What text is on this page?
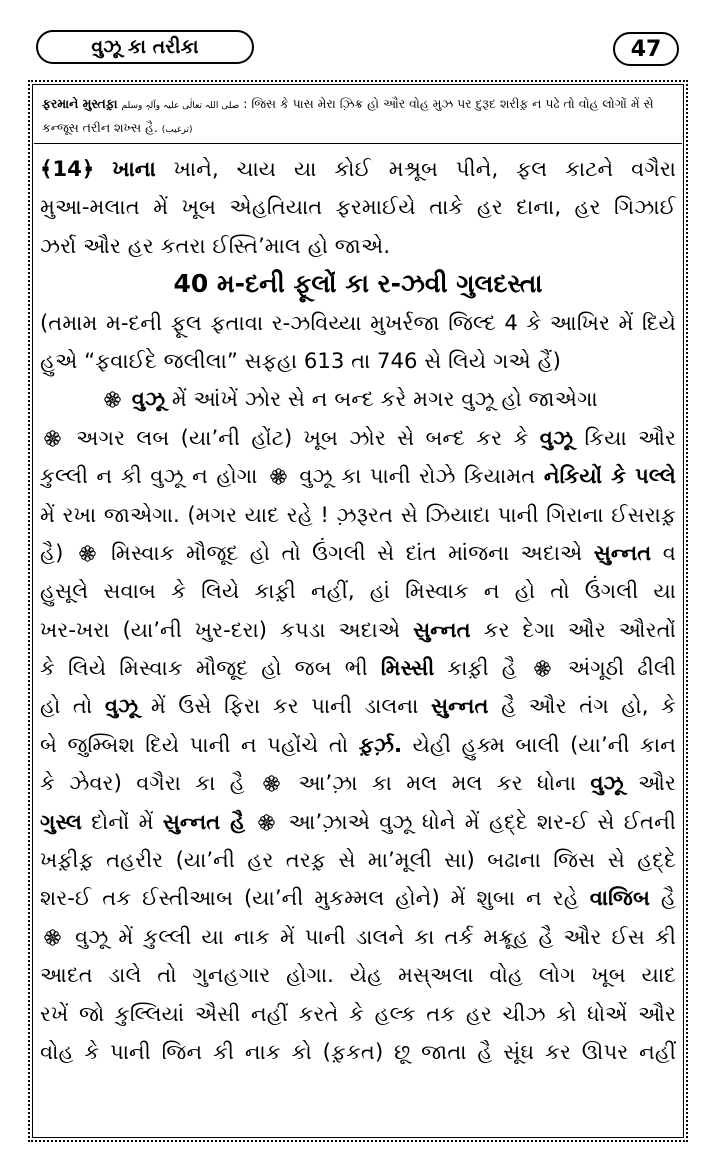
વુઝૂ કા તરીકા	47
ફરમાને મુસ્તફ઼ા صلی اللہ تعالٰی علیہ وآلہٖ وسلم : જિસ કે પાસ મેરા ઝ઼િક્ર હો ઔર વોહ મુઝ પર દુરૂદ શરીફ઼ ન પઢે તો વોહ લોગોં મેં સે કન્જૂસ તરીન શખ્સ હૈ. (ترغیب)
﴾14﴿ ખાના ખાને, ચાય યા કોઈ મશ્રૂબ પીને, ફલ કાટને વગૈરા
મુઆ-મલાત મેં ખૂબ એહતિયાત ફરમાઈયે તાકે હર દાના, હર ગિઝાઈ
ઝર્રા ઔર હર કતરા ઈસ્તિ’માલ હો જાએ.
40 મ-દની ફૂલોં કા ર-ઝવી ગુલદસ્તા
(તમામ મ-દની ફૂલ ફતાવા ર-ઝવિય્યા મુખર્રજા જિલ્દ 4 કે આખિર મેં દિયે
હુએ “ફવાઈદે જલીલા” સફહા 613 તા 746 સે લિયે ગએ હૈં)
વુઝૂ મેં આંખેં ઝોર સે ન બન્દ કરે મગર વુઝૂ હો જાએગા
અગર લબ (યા’ની હોંટ) ખૂબ ઝોર સે બન્દ કર કે વુઝૂ કિયા ઔર
કુલ્લી ન કી વુઝૂ ન હોગા વુઝૂ કા પાની રોઝે કિયામત નેકિયોં કે પલ્લે
મેં રખા જાએગા. (મગર યાદ રહે ! ઝ઼રૂરત સે ઝિયાદા પાની ગિરાના ઈસરાફ઼
હૈ) મિસ્વાક મૌજૂદ હો તો ઉંગલી સે દાંત માંજના અદાએ સુન્નત વ
હુસૂલે સવાબ કે લિયે કાફ઼ી નહીં, હાં મિસ્વાક ન હો તો ઉંગલી યા
ખર-ખરા (યા’ની ખુર-દરા) કપડા અદાએ સુન્નત કર દેગા ઔર ઔરતોં
કે લિયે મિસ્વાક મૌજૂદ હો જબ ભી મિસ્સી કાફ઼ી હૈ અંગૂઠી ઢીલી
હો તો વુઝૂ મેં ઉસે ફિરા કર પાની ડાલના સુન્નત હૈ ઔર તંગ હો, કે
બે જુમ્બિશ દિયે પાની ન પહોંચે તો ફ઼ર્ઝ઼. યેહી હુક્મ બાલી (યા’ની કાન
કે ઝેવર) વગૈરા કા હૈ	આ’ઝ઼ા કા મલ મલ કર ધોના વુઝૂ ઔર
ગુસ્લ દોનોં મેં સુન્નત હૈ આ’ઝ઼ાએ વુઝૂ ધોને મેં હદ્દે શર-ઈ સે ઈતની
ખફ઼ીફ઼ તહરીર (યા’ની હર તરફ઼ સે મા’મૂલી સા) બઢાના જિસ સે હદ્દે
શર-ઈ તક ઈસ્તીઆબ (યા’ની મુકમ્મલ હોને) મેં શુબા ન રહે વાજિબ હૈ
વુઝૂ મેં કુલ્લી યા નાક મેં પાની ડાલને કા તર્ક મક્રૂહ હૈ ઔર ઈસ કી
આદત ડાલે તો ગુનહગાર હોગા. યેહ મસ્અલા વોહ લોગ ખૂબ યાદ
રખેં જો કુલ્લિયાં ઐસી નહીં કરતે કે હલ્ક તક હર ચીઝ કો ધોએં ઔર
વોહ કે પાની જિન કી નાક કો (ફ઼કત) છૂ જાતા હૈ સૂંઘ કર ઊપર નહીં
